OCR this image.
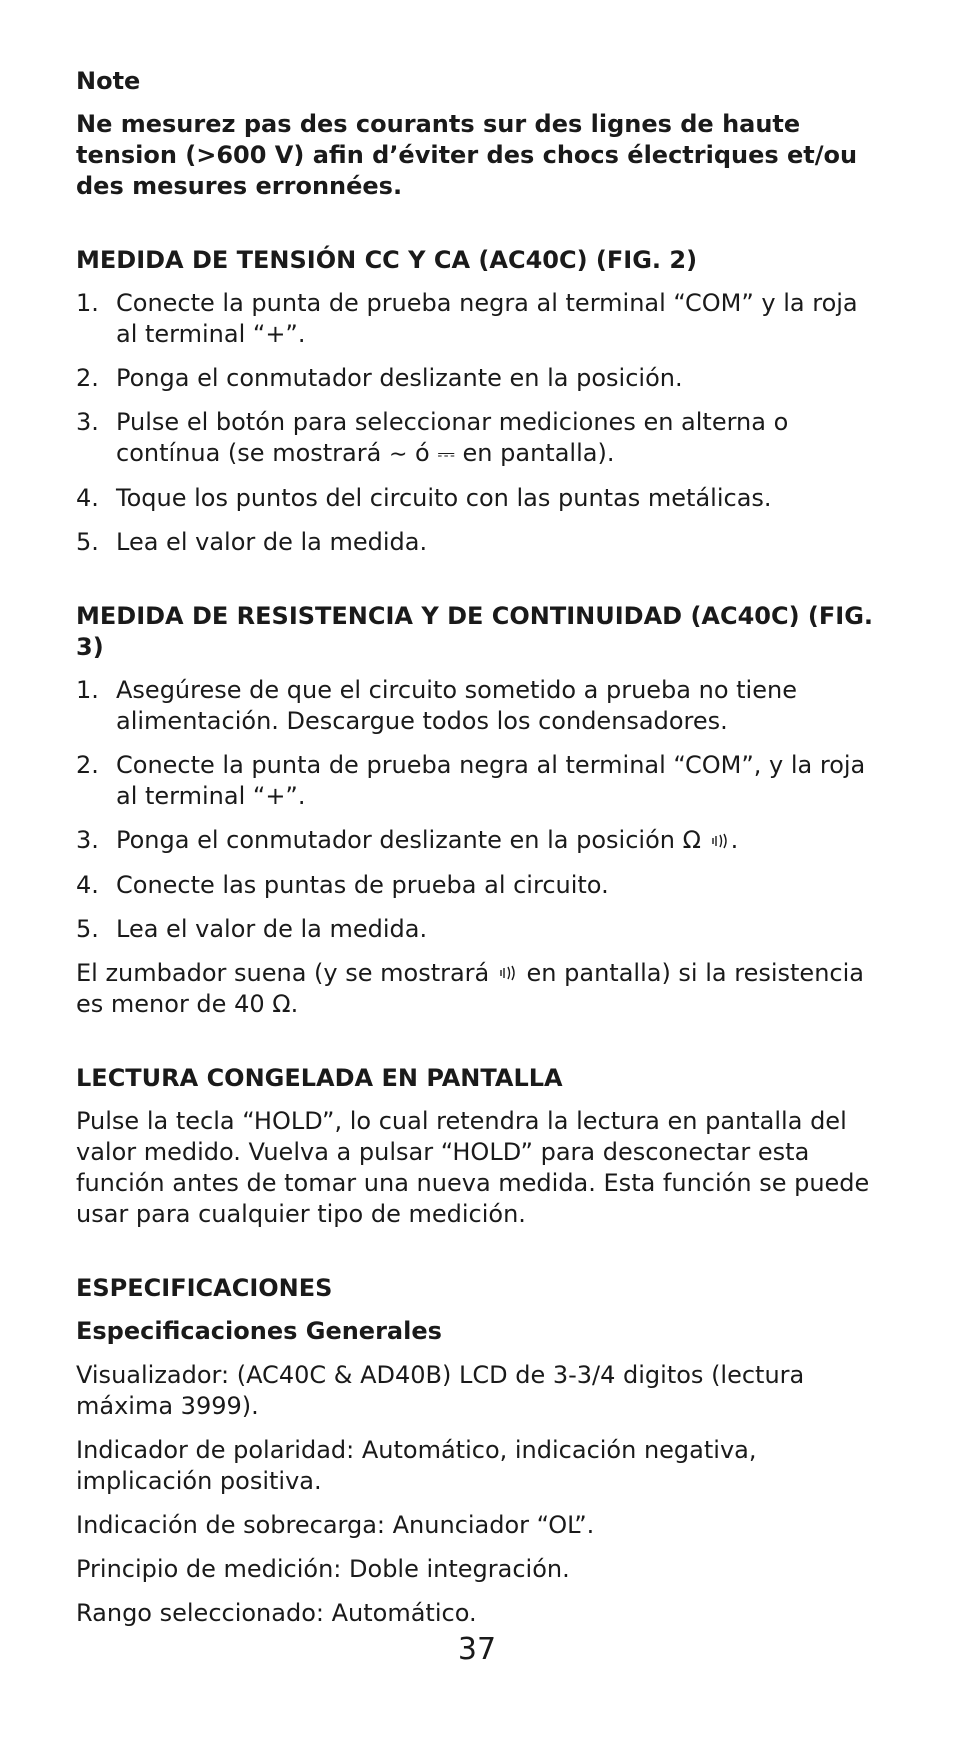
Note
Ne mesurez pas des courants sur des lignes de haute tension (>600 V) afin d’éviter des chocs électriques et/ou des mesures erronnées.
MEDIDA DE TENSIÓN CC Y CA (AC40C) (FIG. 2)
1. Conecte la punta de prueba negra al terminal “COM” y la roja al terminal “+”.
2. Ponga el conmutador deslizante en la posición.
3. Pulse el botón para seleccionar mediciones en alterna o contínua (se mostrará ∼ ó ⎓ en pantalla).
4. Toque los puntos del circuito con las puntas metálicas.
5. Lea el valor de la medida.
MEDIDA DE RESISTENCIA Y DE CONTINUIDAD (AC40C) (FIG. 3)
1. Asegúrese de que el circuito sometido a prueba no tiene alimentación. Descargue todos los condensadores.
2. Conecte la punta de prueba negra al terminal “COM”, y la roja al terminal “+”.
3. Ponga el conmutador deslizante en la posición Ω .
4. Conecte las puntas de prueba al circuito.
5. Lea el valor de la medida.

El zumbador suena (y se mostrará  en pantalla) si la resistencia es menor de 40 Ω.

LECTURA CONGELADA EN PANTALLA

Pulse la tecla “HOLD”, lo cual retendra la lectura en pantalla del valor medido. Vuelva a pulsar “HOLD” para desconectar esta función antes de tomar una nueva medida. Esta función se puede usar para cualquier tipo de medición.

ESPECIFICACIONES
Especificaciones Generales

Visualizador: (AC40C & AD40B) LCD de 3-3/4 digitos (lectura máxima 3999).

Indicador de polaridad: Automático, indicación negativa, implicación positiva.

Indicación de sobrecarga: Anunciador “OL”.

Principio de medición: Doble integración.

Rango seleccionado: Automático.

37
